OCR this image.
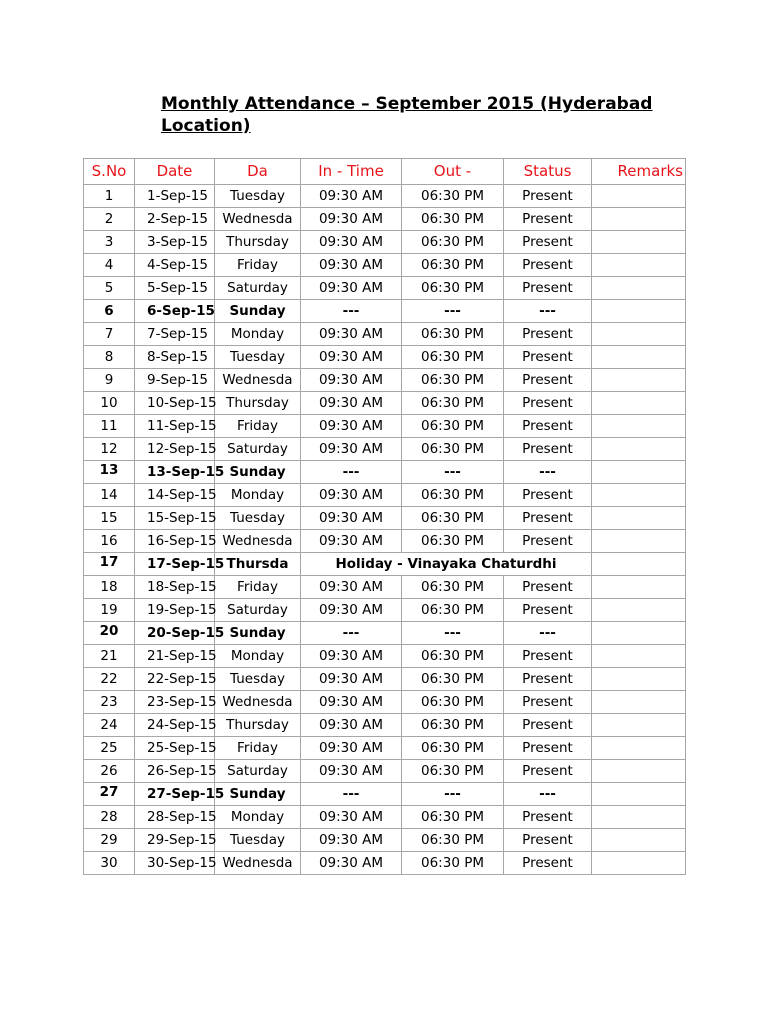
Monthly Attendance – September 2015 (Hyderabad Location)
S.No	Date	Da	In - Time	Out -	Status	Remarks
1	1-Sep-15	Tuesday	09:30 AM	06:30 PM	Present	
2	2-Sep-15	Wednesda	09:30 AM	06:30 PM	Present	
3	3-Sep-15	Thursday	09:30 AM	06:30 PM	Present	
4	4-Sep-15	Friday	09:30 AM	06:30 PM	Present	
5	5-Sep-15	Saturday	09:30 AM	06:30 PM	Present	
6	6-Sep-15	Sunday	---	---	---	
7	7-Sep-15	Monday	09:30 AM	06:30 PM	Present	
8	8-Sep-15	Tuesday	09:30 AM	06:30 PM	Present	
9	9-Sep-15	Wednesda	09:30 AM	06:30 PM	Present	
10	10-Sep-15	Thursday	09:30 AM	06:30 PM	Present	
11	11-Sep-15	Friday	09:30 AM	06:30 PM	Present	
12	12-Sep-15	Saturday	09:30 AM	06:30 PM	Present	

13	13-Sep-15	Sunday	---	---	---	
14	14-Sep-15	Monday	09:30 AM	06:30 PM	Present	
15	15-Sep-15	Tuesday	09:30 AM	06:30 PM	Present	
16	16-Sep-15	Wednesda	09:30 AM	06:30 PM	Present	

17	17-Sep-15	Thursda	Holiday - Vinayaka Chaturdhi			
18	18-Sep-15	Friday	09:30 AM	06:30 PM	Present	
19	19-Sep-15	Saturday	09:30 AM	06:30 PM	Present	

20	20-Sep-15	Sunday	---	---	---	
21	21-Sep-15	Monday	09:30 AM	06:30 PM	Present	
22	22-Sep-15	Tuesday	09:30 AM	06:30 PM	Present	
23	23-Sep-15	Wednesda	09:30 AM	06:30 PM	Present	
24	24-Sep-15	Thursday	09:30 AM	06:30 PM	Present	
25	25-Sep-15	Friday	09:30 AM	06:30 PM	Present	
26	26-Sep-15	Saturday	09:30 AM	06:30 PM	Present	

27	27-Sep-15	Sunday	---	---	---	
28	28-Sep-15	Monday	09:30 AM	06:30 PM	Present	
29	29-Sep-15	Tuesday	09:30 AM	06:30 PM	Present	
30	30-Sep-15	Wednesda	09:30 AM	06:30 PM	Present	
